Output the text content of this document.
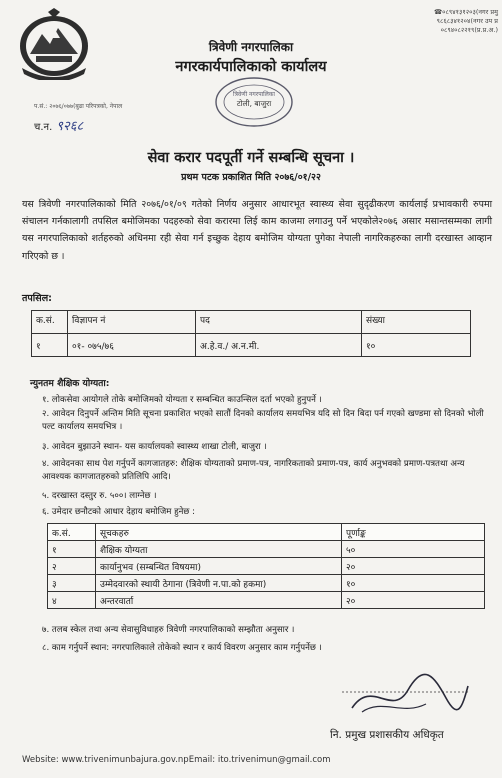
☎०८९४१३१२०३(नगर प्रमु
९८६८३४१२०४(नगर उप प्र
०८९४०८२२१९(प्र.प्र.अ.)
त्रिवेणी नगरपालिका
नगरकार्यपालिकाको कार्यालय
त्रिवेणी नगरपालिका
टोली, बाजुरा
प.सं.: २०७६/०७७(बुढा परिपत्रको, नेपाल
च.न. ९२६८
सेवा करार पदपूर्ती गर्ने सम्बन्धि सूचना ।
प्रथम पटक प्रकाशित मिति २०७६/०१/२२
यस त्रिवेणी नगरपालिकाको मिति २०७६/०१/०९ गतेको निर्णय अनुसार आधारभूत स्वास्थ्य सेवा सुदृढीकरण कार्यलाई प्रभावकारी रुपमा संचालन गर्नकालागी तपसिल बमोजिमका पदहरुको सेवा करारमा लिई काम काजमा लगाउनु पर्ने भएकोले२०७६ असार मसान्तसम्मका लागी यस नगरपालिकाको शर्तहरुको अधिनमा रही सेवा गर्न इच्छुक देहाय बमोजिम योग्यता पुगेका नेपाली नागरिकहरुका लागी दरखास्त आव्हान गरिएको छ ।
तपसिल:
क.सं.	विज्ञापन नं	पद	संख्या
१	०१- ०७५/७६	अ.हे.व./ अ.न.मी.	१०
न्युनतम शैक्षिक योग्यता:
१. लोकसेवा आयोगले तोके बमोजिमको योग्यता र सम्बन्धित काउन्सिल दर्ता भएको हुनुपर्ने ।
२. आवेदन दिनुपर्ने अन्तिम मिति सूचना प्रकाशित भएको सातौं दिनको कार्यालय समयभित्र यदि सो दिन बिदा पर्न गएको खण्डमा सो दिनको भोली पल्ट कार्यालय समयभित्र ।
३. आवेदन बुझाउने स्थान- यस कार्यालयको स्वास्थ्य शाखा टोली, बाजुरा ।
४. आवेदनका साथ पेश गर्नुपर्ने कागजातहरु: शैक्षिक योग्यताको प्रमाण-पत्र, नागरिकताको प्रमाण-पत्र, कार्य अनुभवको प्रमाण-पत्रतथा अन्य आवश्यक कागजातहरुको प्रतिलिपि आदि।
५. दरखास्त दस्तुर रु. ५००। लाग्नेछ ।
६. उमेदार छनौटको आधार देहाय बमोजिम हुनेछ :
क.सं.	सूचकहरु	पूर्णाङ्क
१	शैक्षिक योग्यता	५०
२	कार्यानुभव (सम्बन्धित विषयमा)	२०
३	उम्मेदवारको स्थायी ठेगाना (त्रिवेणी न.पा.को हकमा)	१०
४	अन्तरवार्ता	२०
७. तलब स्केल तथा अन्य सेवासुविधाहरु त्रिवेणी नगरपालिकाको सम्झौता अनुसार ।
८. काम गर्नुपर्ने स्थान: नगरपालिकाले तोकेको स्थान र कार्य विवरण अनुसार काम गर्नुपर्नेछ ।
नि. प्रमुख प्रशासकीय अधिकृत
Website: www.trivenimunbajura.gov.npEmail: ito.trivenimun@gmail.com
